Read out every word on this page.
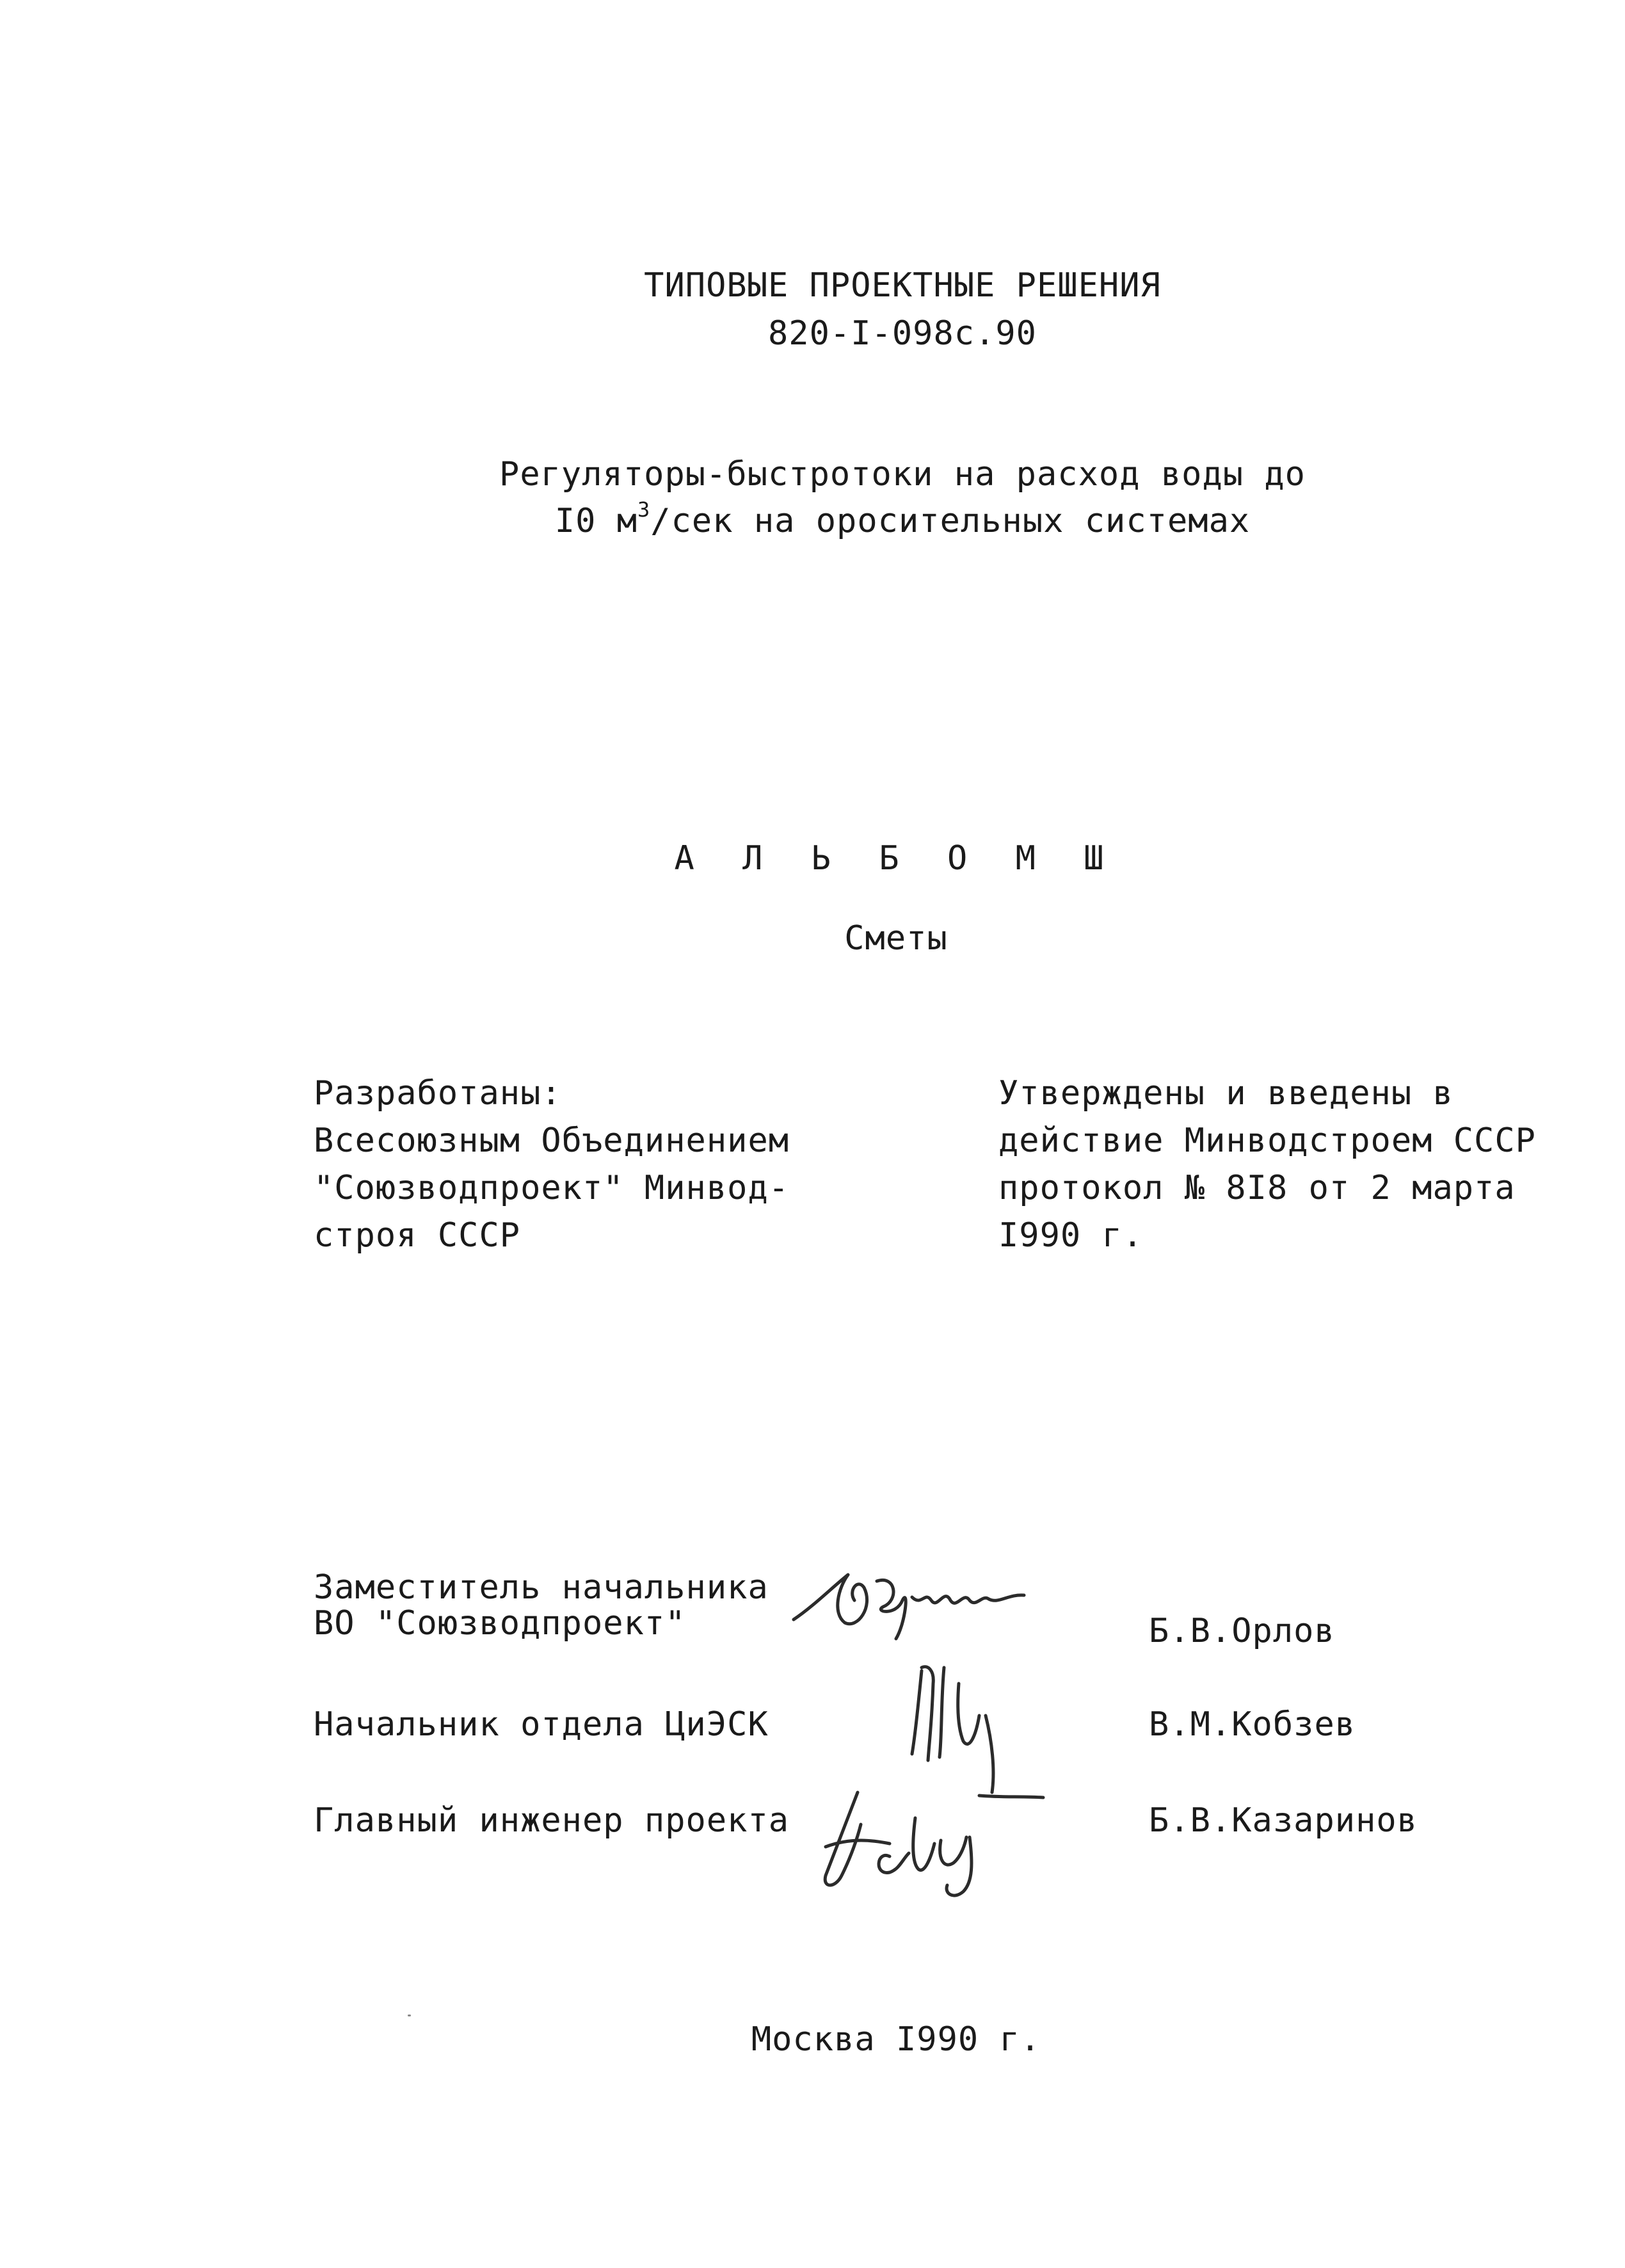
ТИПОВЫЕ ПРОЕКТНЫЕ РЕШЕНИЯ
820-I-098с.90
Регуляторы-быстротоки на расход воды до
I0 $м^3$/сек на оросительных системах
А Л Ь Б О М Ш
Сметы
Разработаны:
Всесоюзным Объединением
"Союзводпроект" Минвод-
строя СССР
Утверждены и введены в
действие Минводстроем СССР
протокол № 8I8 от 2 марта
I990 г.
Заместитель начальника
ВО "Союзводпроект"	Б.В.Орлов
Начальник отдела ЦиЭСК	В.М.Кобзев
Главный инженер проекта	Б.В.Казаринов
Москва I990 г.
